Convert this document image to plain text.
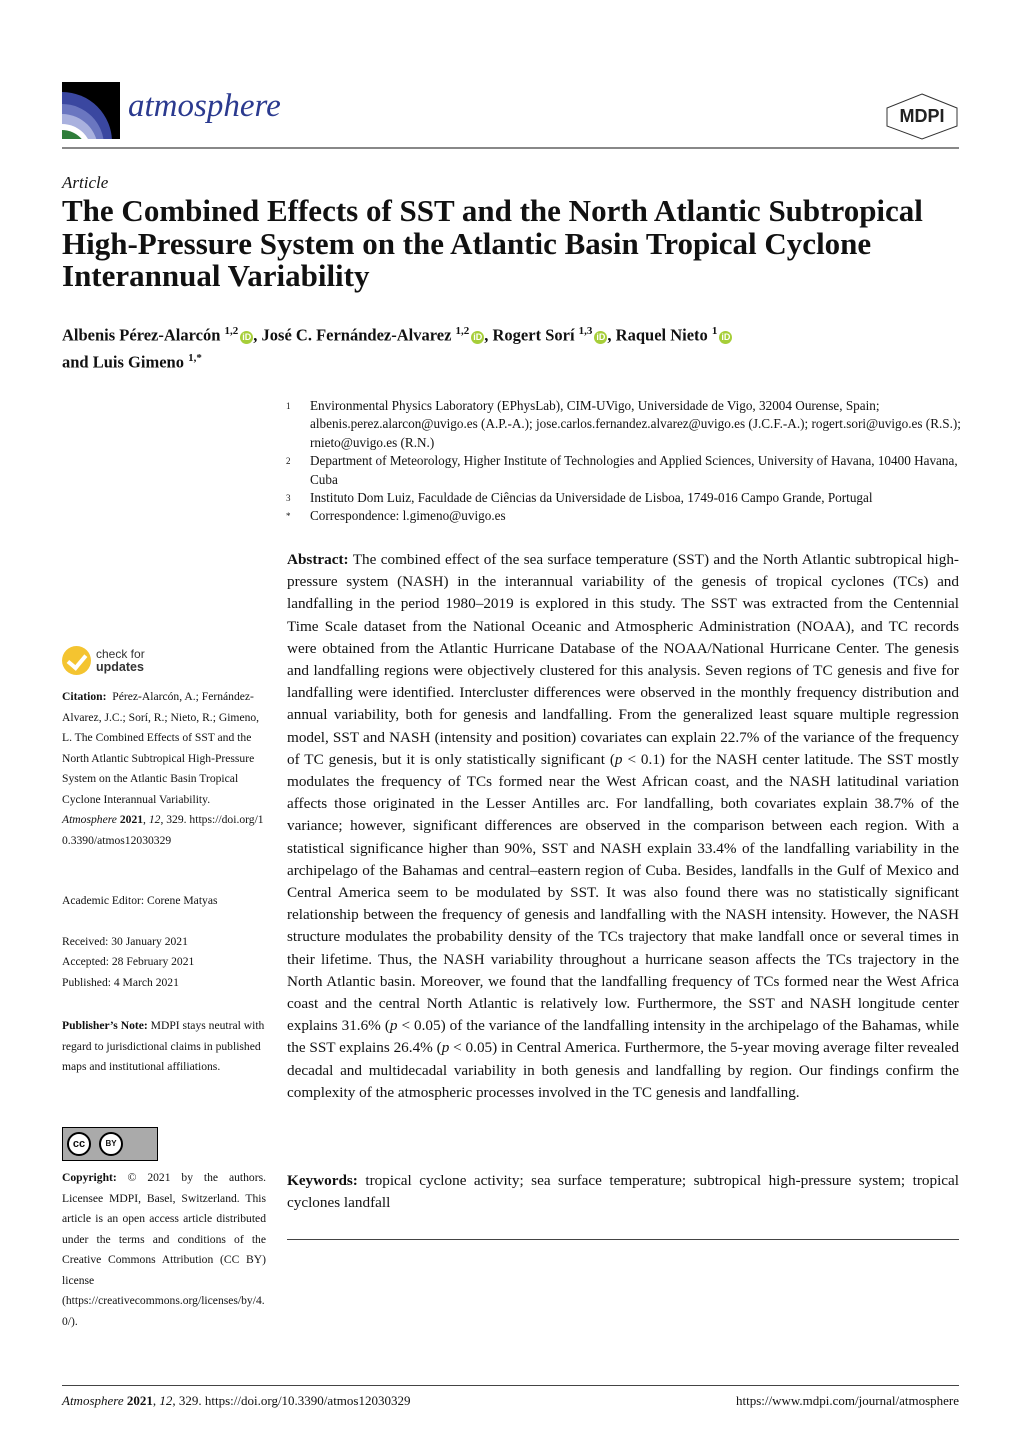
atmosphere	MDPI
Article
The Combined Effects of SST and the North Atlantic Subtropical High-Pressure System on the Atlantic Basin Tropical Cyclone Interannual Variability
Albenis Pérez-Alarcón $^{1,2}$ iD , José C. Fernández-Alvarez $^{1,2}$ iD , Rogert Sorí $^{1,3}$ iD , Raquel Nieto $^1$ iD
and Luis Gimeno $^{1,*}$
1	Environmental Physics Laboratory (EPhysLab), CIM-UVigo, Universidade de Vigo, 32004 Ourense, Spain; albenis.perez.alarcon@uvigo.es (A.P.-A.); jose.carlos.fernandez.alvarez@uvigo.es (J.C.F.-A.); rogert.sori@uvigo.es (R.S.); rnieto@uvigo.es (R.N.)
2	Department of Meteorology, Higher Institute of Technologies and Applied Sciences, University of Havana, 10400 Havana, Cuba
3	Instituto Dom Luiz, Faculdade de Ciências da Universidade de Lisboa, 1749-016 Campo Grande, Portugal
*	Correspondence: l.gimeno@uvigo.es
check for
updates
Citation: Pérez-Alarcón, A.; Fernández-Alvarez, J.C.; Sorí, R.; Nieto, R.; Gimeno, L. The Combined Effects of SST and the North Atlantic Subtropical High-Pressure System on the Atlantic Basin Tropical Cyclone Interannual Variability. Atmosphere 2021, 12, 329. https://doi.org/10.3390/atmos12030329
Academic Editor: Corene Matyas
Received: 30 January 2021
Accepted: 28 February 2021
Published: 4 March 2021
Publisher’s Note: MDPI stays neutral with regard to jurisdictional claims in published maps and institutional affiliations.
cc	BY
Copyright: © 2021 by the authors. Licensee MDPI, Basel, Switzerland. This article is an open access article distributed under the terms and conditions of the Creative Commons Attribution (CC BY) license (https://creativecommons.org/licenses/by/4.0/).
Abstract: The combined effect of the sea surface temperature (SST) and the North Atlantic subtropical high-pressure system (NASH) in the interannual variability of the genesis of tropical cyclones (TCs) and landfalling in the period 1980–2019 is explored in this study. The SST was extracted from the Centennial Time Scale dataset from the National Oceanic and Atmospheric Administration (NOAA), and TC records were obtained from the Atlantic Hurricane Database of the NOAA/National Hurricane Center. The genesis and landfalling regions were objectively clustered for this analysis. Seven regions of TC genesis and five for landfalling were identified. Intercluster differences were observed in the monthly frequency distribution and annual variability, both for genesis and landfalling. From the generalized least square multiple regression model, SST and NASH (intensity and position) covariates can explain 22.7% of the variance of the frequency of TC genesis, but it is only statistically significant (p < 0.1) for the NASH center latitude. The SST mostly modulates the frequency of TCs formed near the West African coast, and the NASH latitudinal variation affects those originated in the Lesser Antilles arc. For landfalling, both covariates explain 38.7% of the variance; however, significant differences are observed in the comparison between each region. With a statistical significance higher than 90%, SST and NASH explain 33.4% of the landfalling variability in the archipelago of the Bahamas and central–eastern region of Cuba. Besides, landfalls in the Gulf of Mexico and Central America seem to be modulated by SST. It was also found there was no statistically significant relationship between the frequency of genesis and landfalling with the NASH intensity. However, the NASH structure modulates the probability density of the TCs trajectory that make landfall once or several times in their lifetime. Thus, the NASH variability throughout a hurricane season affects the TCs trajectory in the North Atlantic basin. Moreover, we found that the landfalling frequency of TCs formed near the West Africa coast and the central North Atlantic is relatively low. Furthermore, the SST and NASH longitude center explains 31.6% (p < 0.05) of the variance of the landfalling intensity in the archipelago of the Bahamas, while the SST explains 26.4% (p < 0.05) in Central America. Furthermore, the 5-year moving average filter revealed decadal and multidecadal variability in both genesis and landfalling by region. Our findings confirm the complexity of the atmospheric processes involved in the TC genesis and landfalling.
Keywords: tropical cyclone activity; sea surface temperature; subtropical high-pressure system; tropical cyclones landfall
Atmosphere 2021, 12, 329. https://doi.org/10.3390/atmos12030329	https://www.mdpi.com/journal/atmosphere
